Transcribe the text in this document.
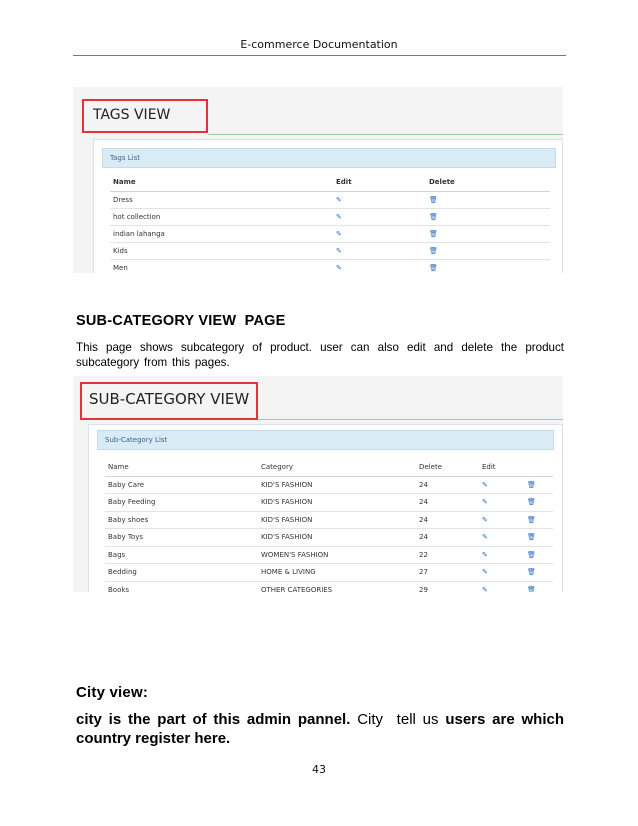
E-commerce Documentation
TAGS VIEW
Tags List
Name	Edit	Delete
Dress	✎	🗑
hot collection	✎	🗑
indian lahanga	✎	🗑
Kids	✎	🗑
Men	✎	🗑
SUB-CATEGORY VIEW  PAGE
This page shows subcategory of product. user can also edit and delete the product subcategory from this pages.
SUB-CATEGORY VIEW
Sub-Category List
Name	Category	Delete	Edit	
Baby Care	KID'S FASHION	24	✎	🗑
Baby Feeding	KID'S FASHION	24	✎	🗑
Baby shoes	KID'S FASHION	24	✎	🗑
Baby Toys	KID'S FASHION	24	✎	🗑
Bags	WOMEN'S FASHION	22	✎	🗑
Bedding	HOME & LIVING	27	✎	🗑
Books	OTHER CATEGORIES	29	✎	🗑
City view:
city is the part of this admin pannel. City  tell us users are which country register here.
43
